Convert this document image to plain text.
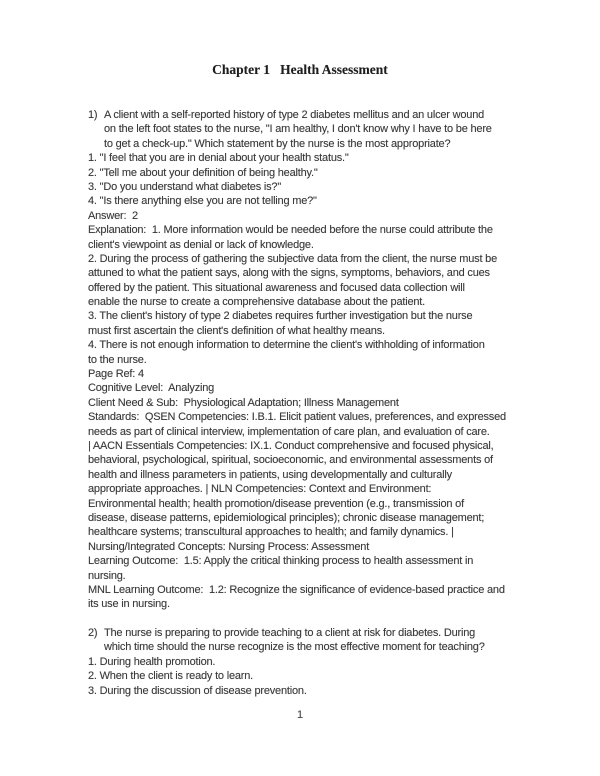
Chapter 1   Health Assessment
1) A client with a self-reported history of type 2 diabetes mellitus and an ulcer wound
on the left foot states to the nurse, "I am healthy, I don't know why I have to be here
to get a check-up." Which statement by the nurse is the most appropriate?
1. "I feel that you are in denial about your health status."
2. "Tell me about your definition of being healthy."
3. "Do you understand what diabetes is?"
4. "Is there anything else you are not telling me?"
Answer:  2
Explanation:  1. More information would be needed before the nurse could attribute the
client's viewpoint as denial or lack of knowledge.
2. During the process of gathering the subjective data from the client, the nurse must be
attuned to what the patient says, along with the signs, symptoms, behaviors, and cues
offered by the patient. This situational awareness and focused data collection will
enable the nurse to create a comprehensive database about the patient.
3. The client's history of type 2 diabetes requires further investigation but the nurse
must first ascertain the client's definition of what healthy means.
4. There is not enough information to determine the client's withholding of information
to the nurse.
Page Ref: 4
Cognitive Level:  Analyzing
Client Need & Sub:  Physiological Adaptation; Illness Management
Standards:  QSEN Competencies: I.B.1. Elicit patient values, preferences, and expressed
needs as part of clinical interview, implementation of care plan, and evaluation of care.
| AACN Essentials Competencies: IX.1. Conduct comprehensive and focused physical,
behavioral, psychological, spiritual, socioeconomic, and environmental assessments of
health and illness parameters in patients, using developmentally and culturally
appropriate approaches. | NLN Competencies: Context and Environment:
Environmental health; health promotion/disease prevention (e.g., transmission of
disease, disease patterns, epidemiological principles); chronic disease management;
healthcare systems; transcultural approaches to health; and family dynamics. |
Nursing/Integrated Concepts: Nursing Process: Assessment
Learning Outcome:  1.5: Apply the critical thinking process to health assessment in
nursing.
MNL Learning Outcome:  1.2: Recognize the significance of evidence-based practice and
its use in nursing.
2) The nurse is preparing to provide teaching to a client at risk for diabetes. During
which time should the nurse recognize is the most effective moment for teaching?
1. During health promotion.
2. When the client is ready to learn.
3. During the discussion of disease prevention.
1
